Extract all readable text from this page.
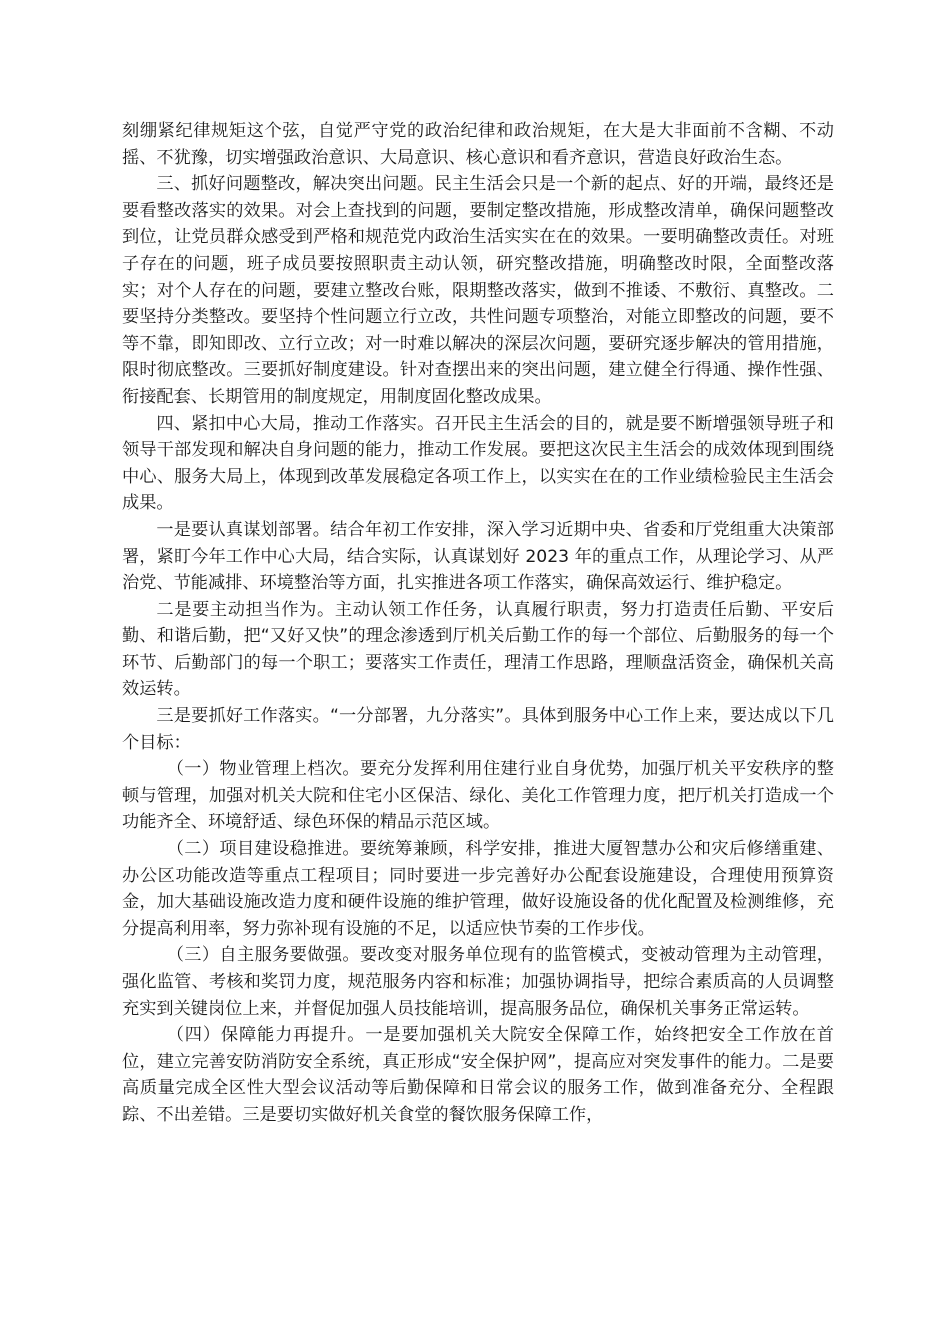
刻绷紧纪律规矩这个弦，自觉严守党的政治纪律和政治规矩，在大是大非面前不含糊、不动摇、不犹豫，切实增强政治意识、大局意识、核心意识和看齐意识，营造良好政治生态。

三、抓好问题整改，解决突出问题。民主生活会只是一个新的起点、好的开端，最终还是要看整改落实的效果。对会上查找到的问题，要制定整改措施，形成整改清单，确保问题整改到位，让党员群众感受到严格和规范党内政治生活实实在在的效果。一要明确整改责任。对班子存在的问题，班子成员要按照职责主动认领，研究整改措施，明确整改时限，全面整改落实；对个人存在的问题，要建立整改台账，限期整改落实，做到不推诿、不敷衍、真整改。二要坚持分类整改。要坚持个性问题立行立改，共性问题专项整治，对能立即整改的问题，要不等不靠，即知即改、立行立改；对一时难以解决的深层次问题，要研究逐步解决的管用措施，限时彻底整改。三要抓好制度建设。针对查摆出来的突出问题，建立健全行得通、操作性强、衔接配套、长期管用的制度规定，用制度固化整改成果。

四、紧扣中心大局，推动工作落实。召开民主生活会的目的，就是要不断增强领导班子和领导干部发现和解决自身问题的能力，推动工作发展。要把这次民主生活会的成效体现到围绕中心、服务大局上，体现到改革发展稳定各项工作上，以实实在在的工作业绩检验民主生活会成果。

一是要认真谋划部署。结合年初工作安排，深入学习近期中央、省委和厅党组重大决策部署，紧盯今年工作中心大局，结合实际，认真谋划好 2023 年的重点工作，从理论学习、从严治党、节能减排、环境整治等方面，扎实推进各项工作落实，确保高效运行、维护稳定。

二是要主动担当作为。主动认领工作任务，认真履行职责，努力打造责任后勤、平安后勤、和谐后勤，把“又好又快”的理念渗透到厅机关后勤工作的每一个部位、后勤服务的每一个环节、后勤部门的每一个职工；要落实工作责任，理清工作思路，理顺盘活资金，确保机关高效运转。

三是要抓好工作落实。“一分部署，九分落实”。具体到服务中心工作上来，要达成以下几个目标：

（一）物业管理上档次。要充分发挥利用住建行业自身优势，加强厅机关平安秩序的整顿与管理，加强对机关大院和住宅小区保洁、绿化、美化工作管理力度，把厅机关打造成一个功能齐全、环境舒适、绿色环保的精品示范区域。

（二）项目建设稳推进。要统筹兼顾，科学安排，推进大厦智慧办公和灾后修缮重建、办公区功能改造等重点工程项目；同时要进一步完善好办公配套设施建设，合理使用预算资金，加大基础设施改造力度和硬件设施的维护管理，做好设施设备的优化配置及检测维修，充分提高利用率，努力弥补现有设施的不足，以适应快节奏的工作步伐。

（三）自主服务要做强。要改变对服务单位现有的监管模式，变被动管理为主动管理，强化监管、考核和奖罚力度，规范服务内容和标准；加强协调指导，把综合素质高的人员调整充实到关键岗位上来，并督促加强人员技能培训，提高服务品位，确保机关事务正常运转。

（四）保障能力再提升。一是要加强机关大院安全保障工作，始终把安全工作放在首位，建立完善安防消防安全系统，真正形成“安全保护网”，提高应对突发事件的能力。二是要高质量完成全区性大型会议活动等后勤保障和日常会议的服务工作，做到准备充分、全程跟踪、不出差错。三是要切实做好机关食堂的餐饮服务保障工作，
